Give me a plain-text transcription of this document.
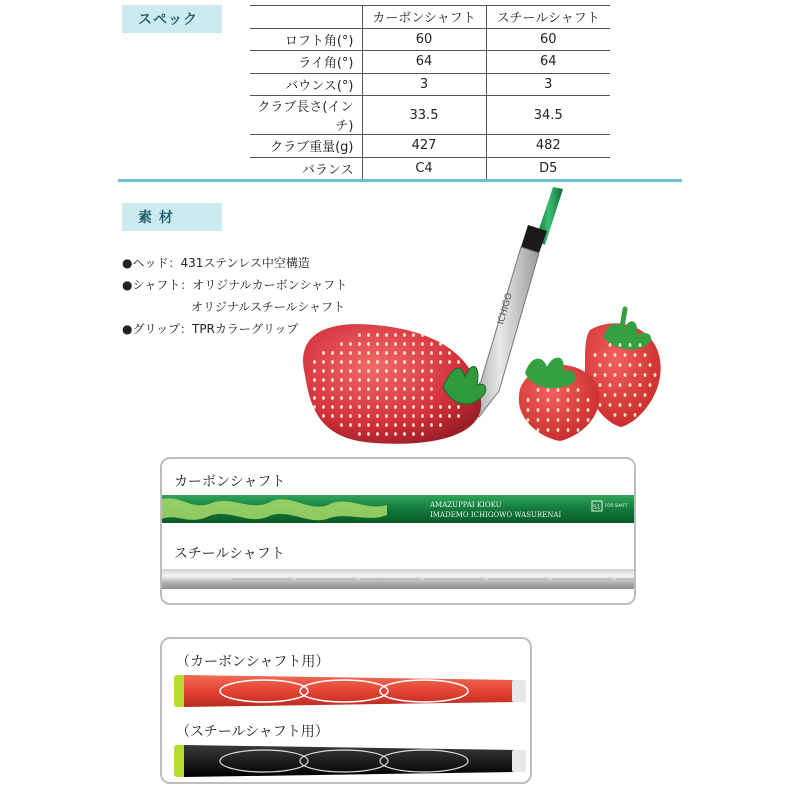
スペック
		カーボンシャフト	スチールシャフト
ロフト角(°)	60	60
ライ角(°)	64	64
バウンス(°)	3	3
クラブ長さ(インチ)	33.5	34.5
クラブ重量(g)	427	482
バランス	C4	D5
素 材
●ヘッド：431ステンレス中空構造
●シャフト：オリジナルカーボンシャフト
オリジナルスチールシャフト
●グリップ：TPRカラーグリップ
ICHIGO
カーボンシャフト
AMAZUPPAI KIOKU
IMADEMO ICHIGOWO WASURENAI
S1 FOR SHAFT
スチールシャフト
（カーボンシャフト用）
（スチールシャフト用）
